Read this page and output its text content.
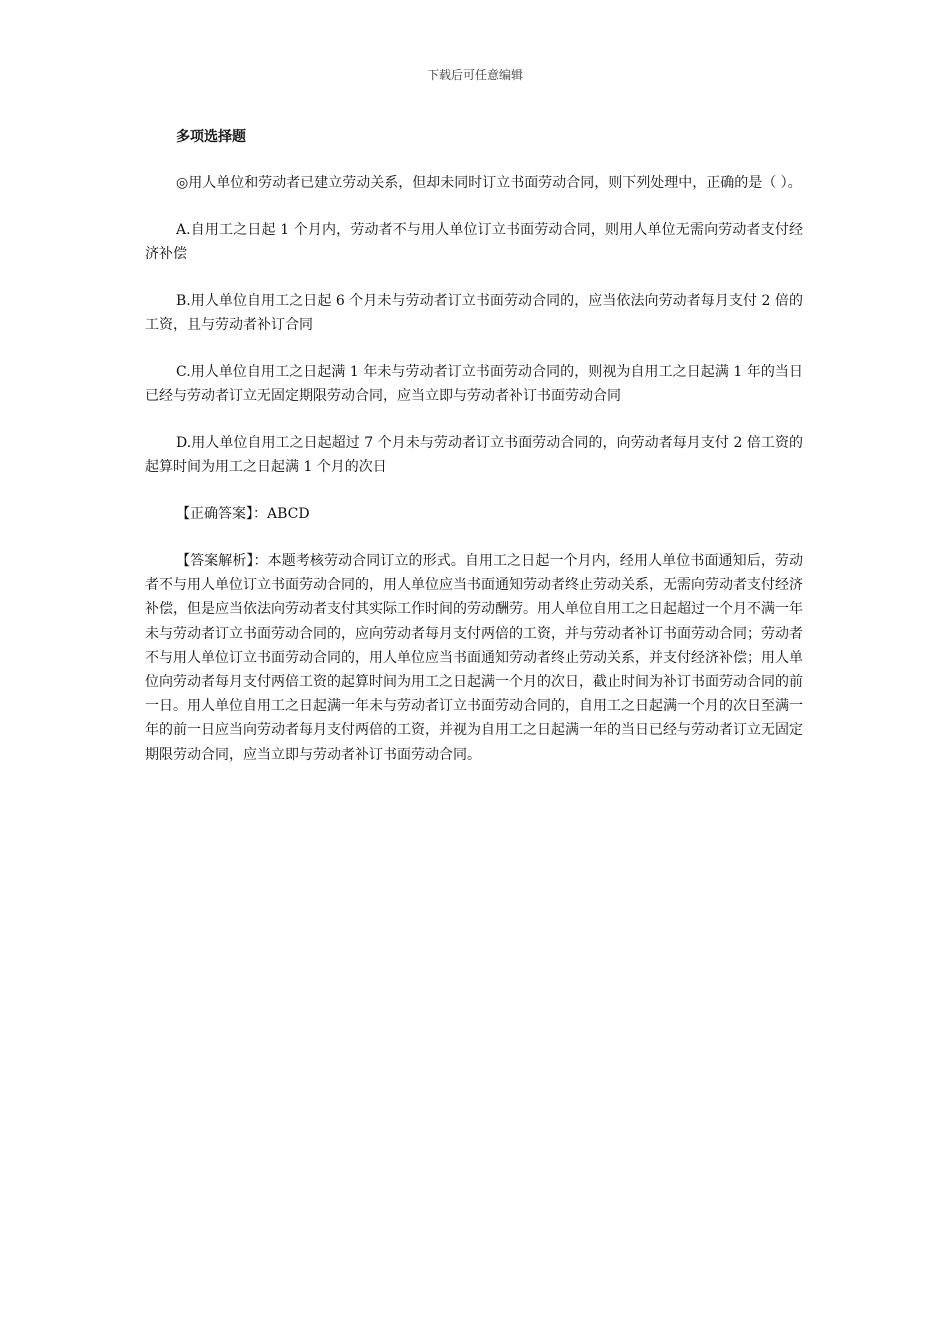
下载后可任意编辑
多项选择题

◎用人单位和劳动者已建立劳动关系，但却未同时订立书面劳动合同，则下列处理中，正确的是（ ）。

A.自用工之日起 1 个月内，劳动者不与用人单位订立书面劳动合同，则用人单位无需向劳动者支付经济补偿

B.用人单位自用工之日起 6 个月未与劳动者订立书面劳动合同的，应当依法向劳动者每月支付 2 倍的工资，且与劳动者补订合同

C.用人单位自用工之日起满 1 年未与劳动者订立书面劳动合同的，则视为自用工之日起满 1 年的当日已经与劳动者订立无固定期限劳动合同，应当立即与劳动者补订书面劳动合同

D.用人单位自用工之日起超过 7 个月未与劳动者订立书面劳动合同的，向劳动者每月支付 2 倍工资的起算时间为用工之日起满 1 个月的次日

【正确答案】：ABCD

【答案解析】：本题考核劳动合同订立的形式。自用工之日起一个月内，经用人单位书面通知后，劳动者不与用人单位订立书面劳动合同的，用人单位应当书面通知劳动者终止劳动关系，无需向劳动者支付经济补偿，但是应当依法向劳动者支付其实际工作时间的劳动酬劳。用人单位自用工之日起超过一个月不满一年未与劳动者订立书面劳动合同的，应向劳动者每月支付两倍的工资，并与劳动者补订书面劳动合同；劳动者不与用人单位订立书面劳动合同的，用人单位应当书面通知劳动者终止劳动关系，并支付经济补偿；用人单位向劳动者每月支付两倍工资的起算时间为用工之日起满一个月的次日，截止时间为补订书面劳动合同的前一日。用人单位自用工之日起满一年未与劳动者订立书面劳动合同的，自用工之日起满一个月的次日至满一年的前一日应当向劳动者每月支付两倍的工资，并视为自用工之日起满一年的当日已经与劳动者订立无固定期限劳动合同，应当立即与劳动者补订书面劳动合同。
